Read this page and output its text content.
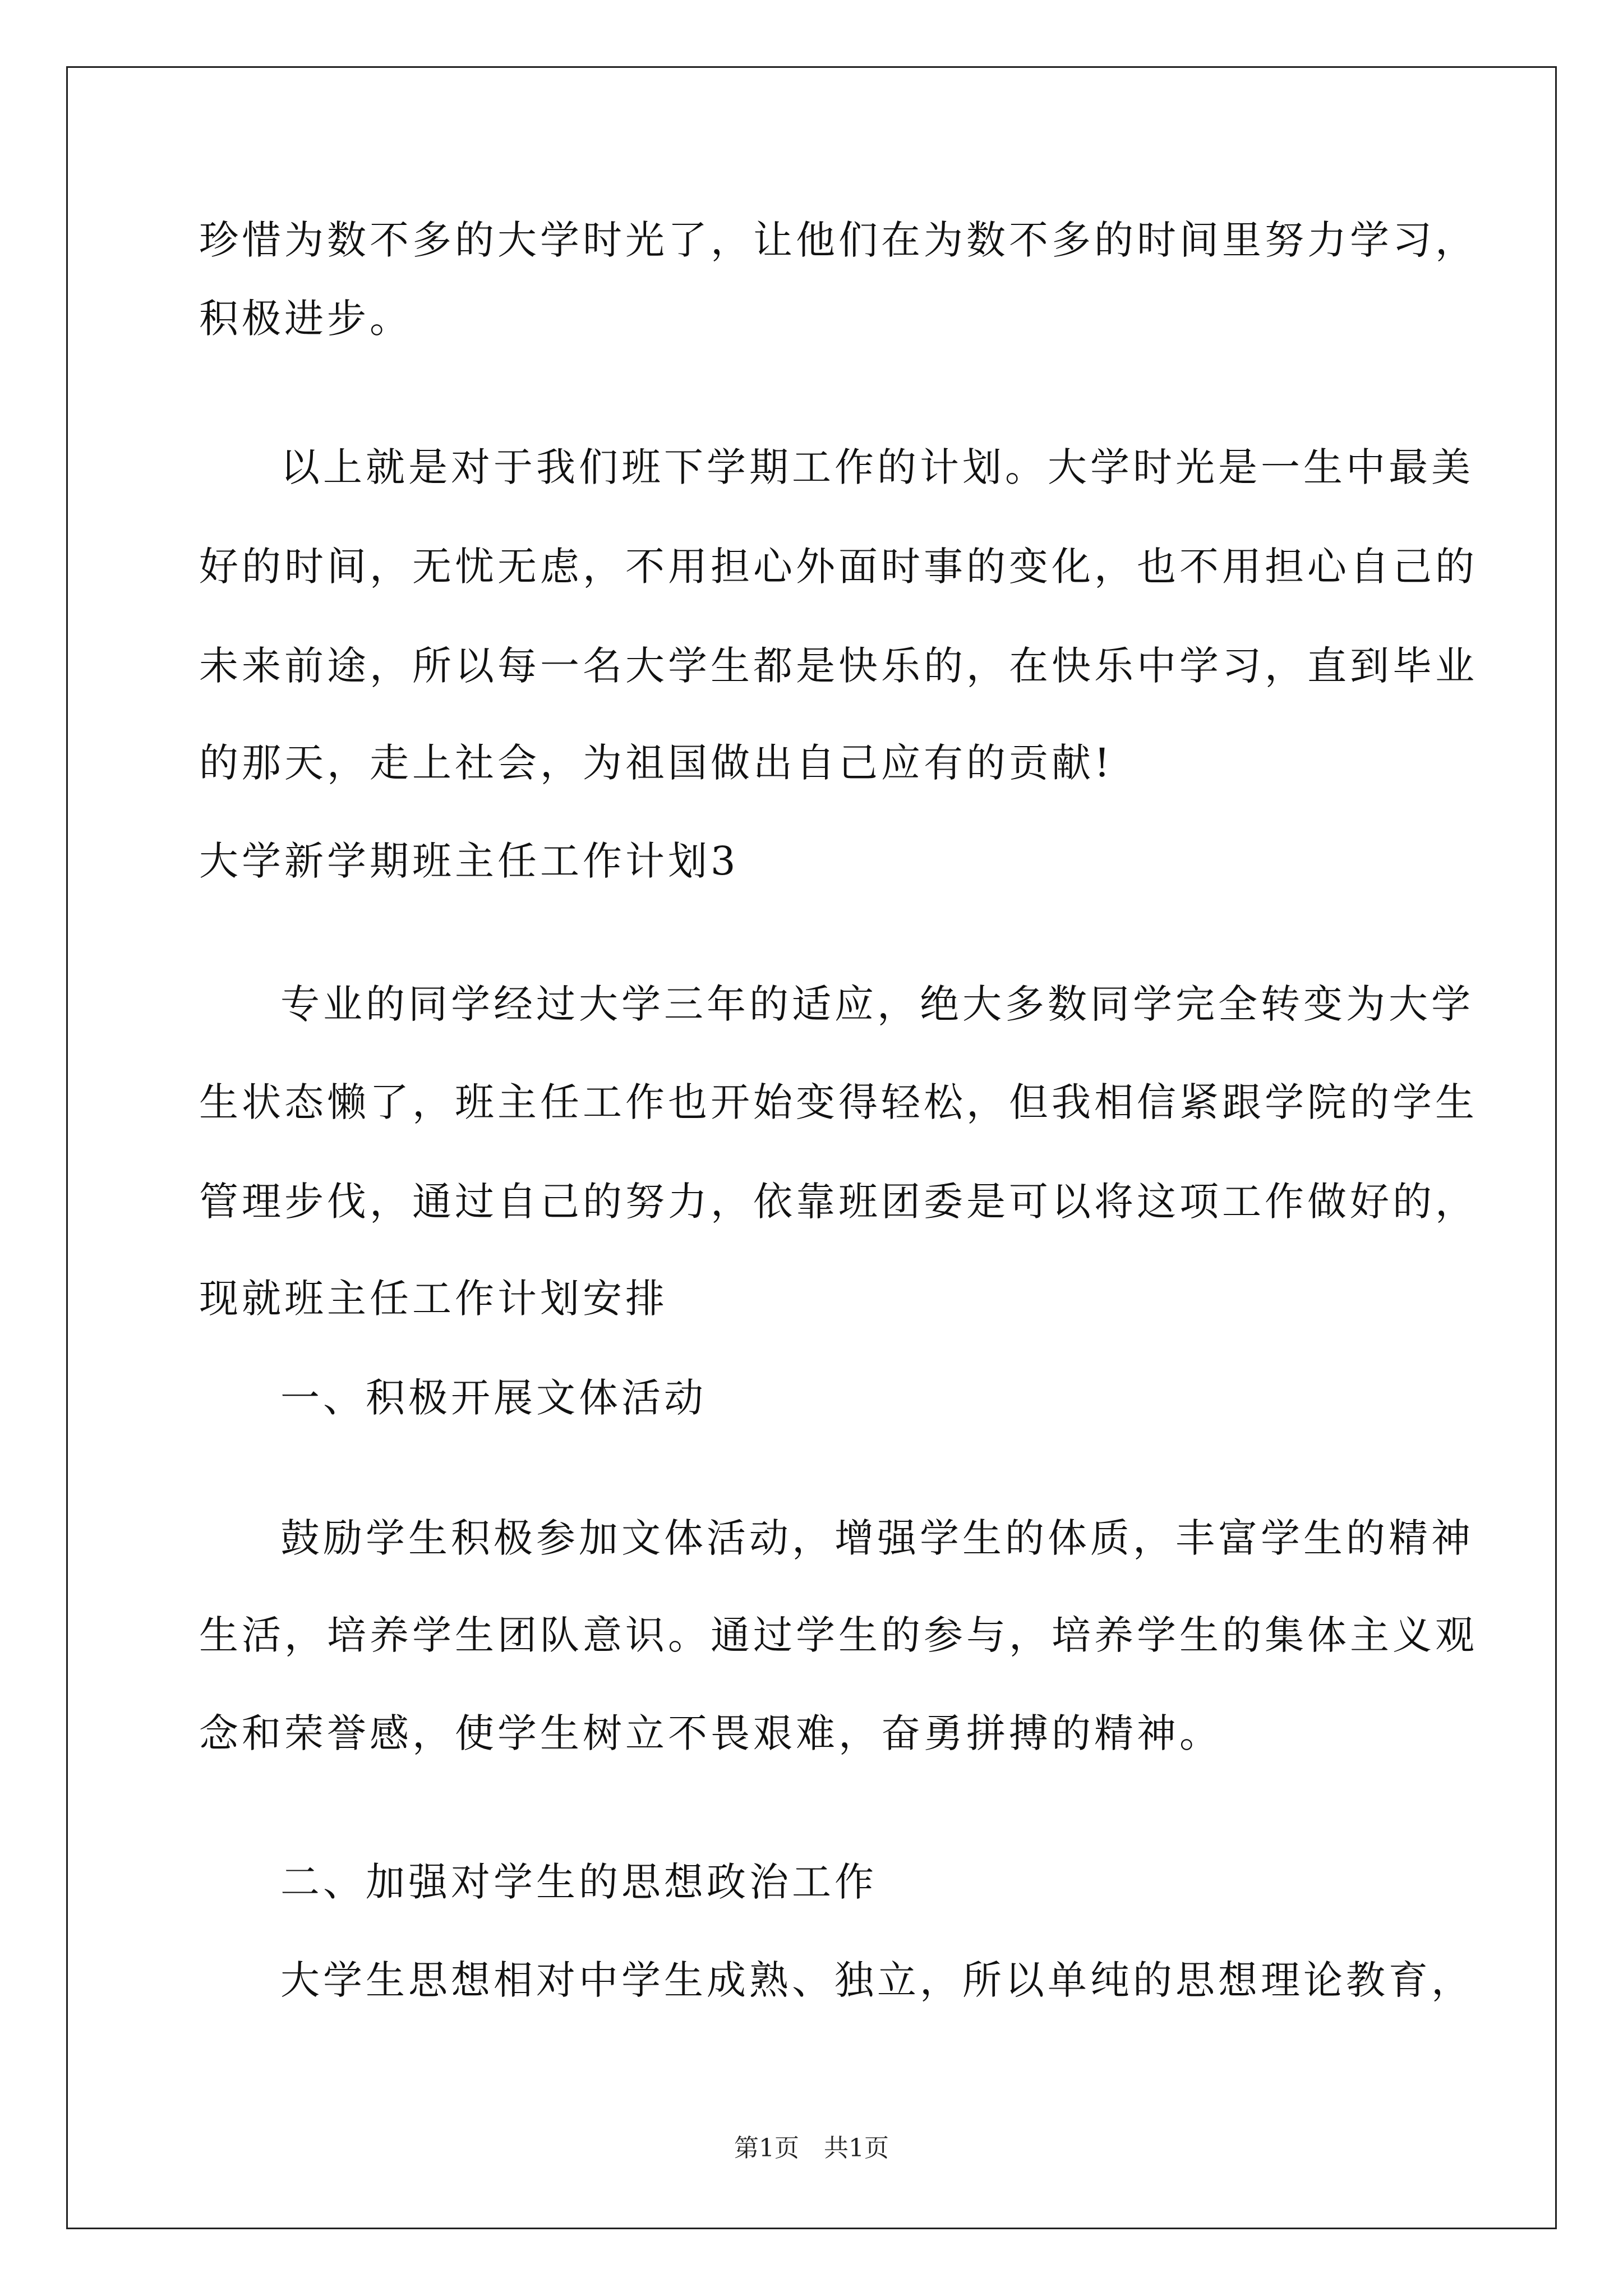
珍惜为数不多的大学时光了，让他们在为数不多的时间里努力学习，

积极进步。

以上就是对于我们班下学期工作的计划。大学时光是一生中最美

好的时间，无忧无虑，不用担心外面时事的变化，也不用担心自己的

未来前途，所以每一名大学生都是快乐的，在快乐中学习，直到毕业

的那天，走上社会，为祖国做出自己应有的贡献!

大学新学期班主任工作计划3

专业的同学经过大学三年的适应，绝大多数同学完全转变为大学

生状态懒了，班主任工作也开始变得轻松，但我相信紧跟学院的学生

管理步伐，通过自己的努力，依靠班团委是可以将这项工作做好的，

现就班主任工作计划安排

一、积极开展文体活动

鼓励学生积极参加文体活动，增强学生的体质，丰富学生的精神

生活，培养学生团队意识。通过学生的参与，培养学生的集体主义观

念和荣誉感，使学生树立不畏艰难，奋勇拼搏的精神。

二、加强对学生的思想政治工作

大学生思想相对中学生成熟、独立，所以单纯的思想理论教育，

第1页　共1页
